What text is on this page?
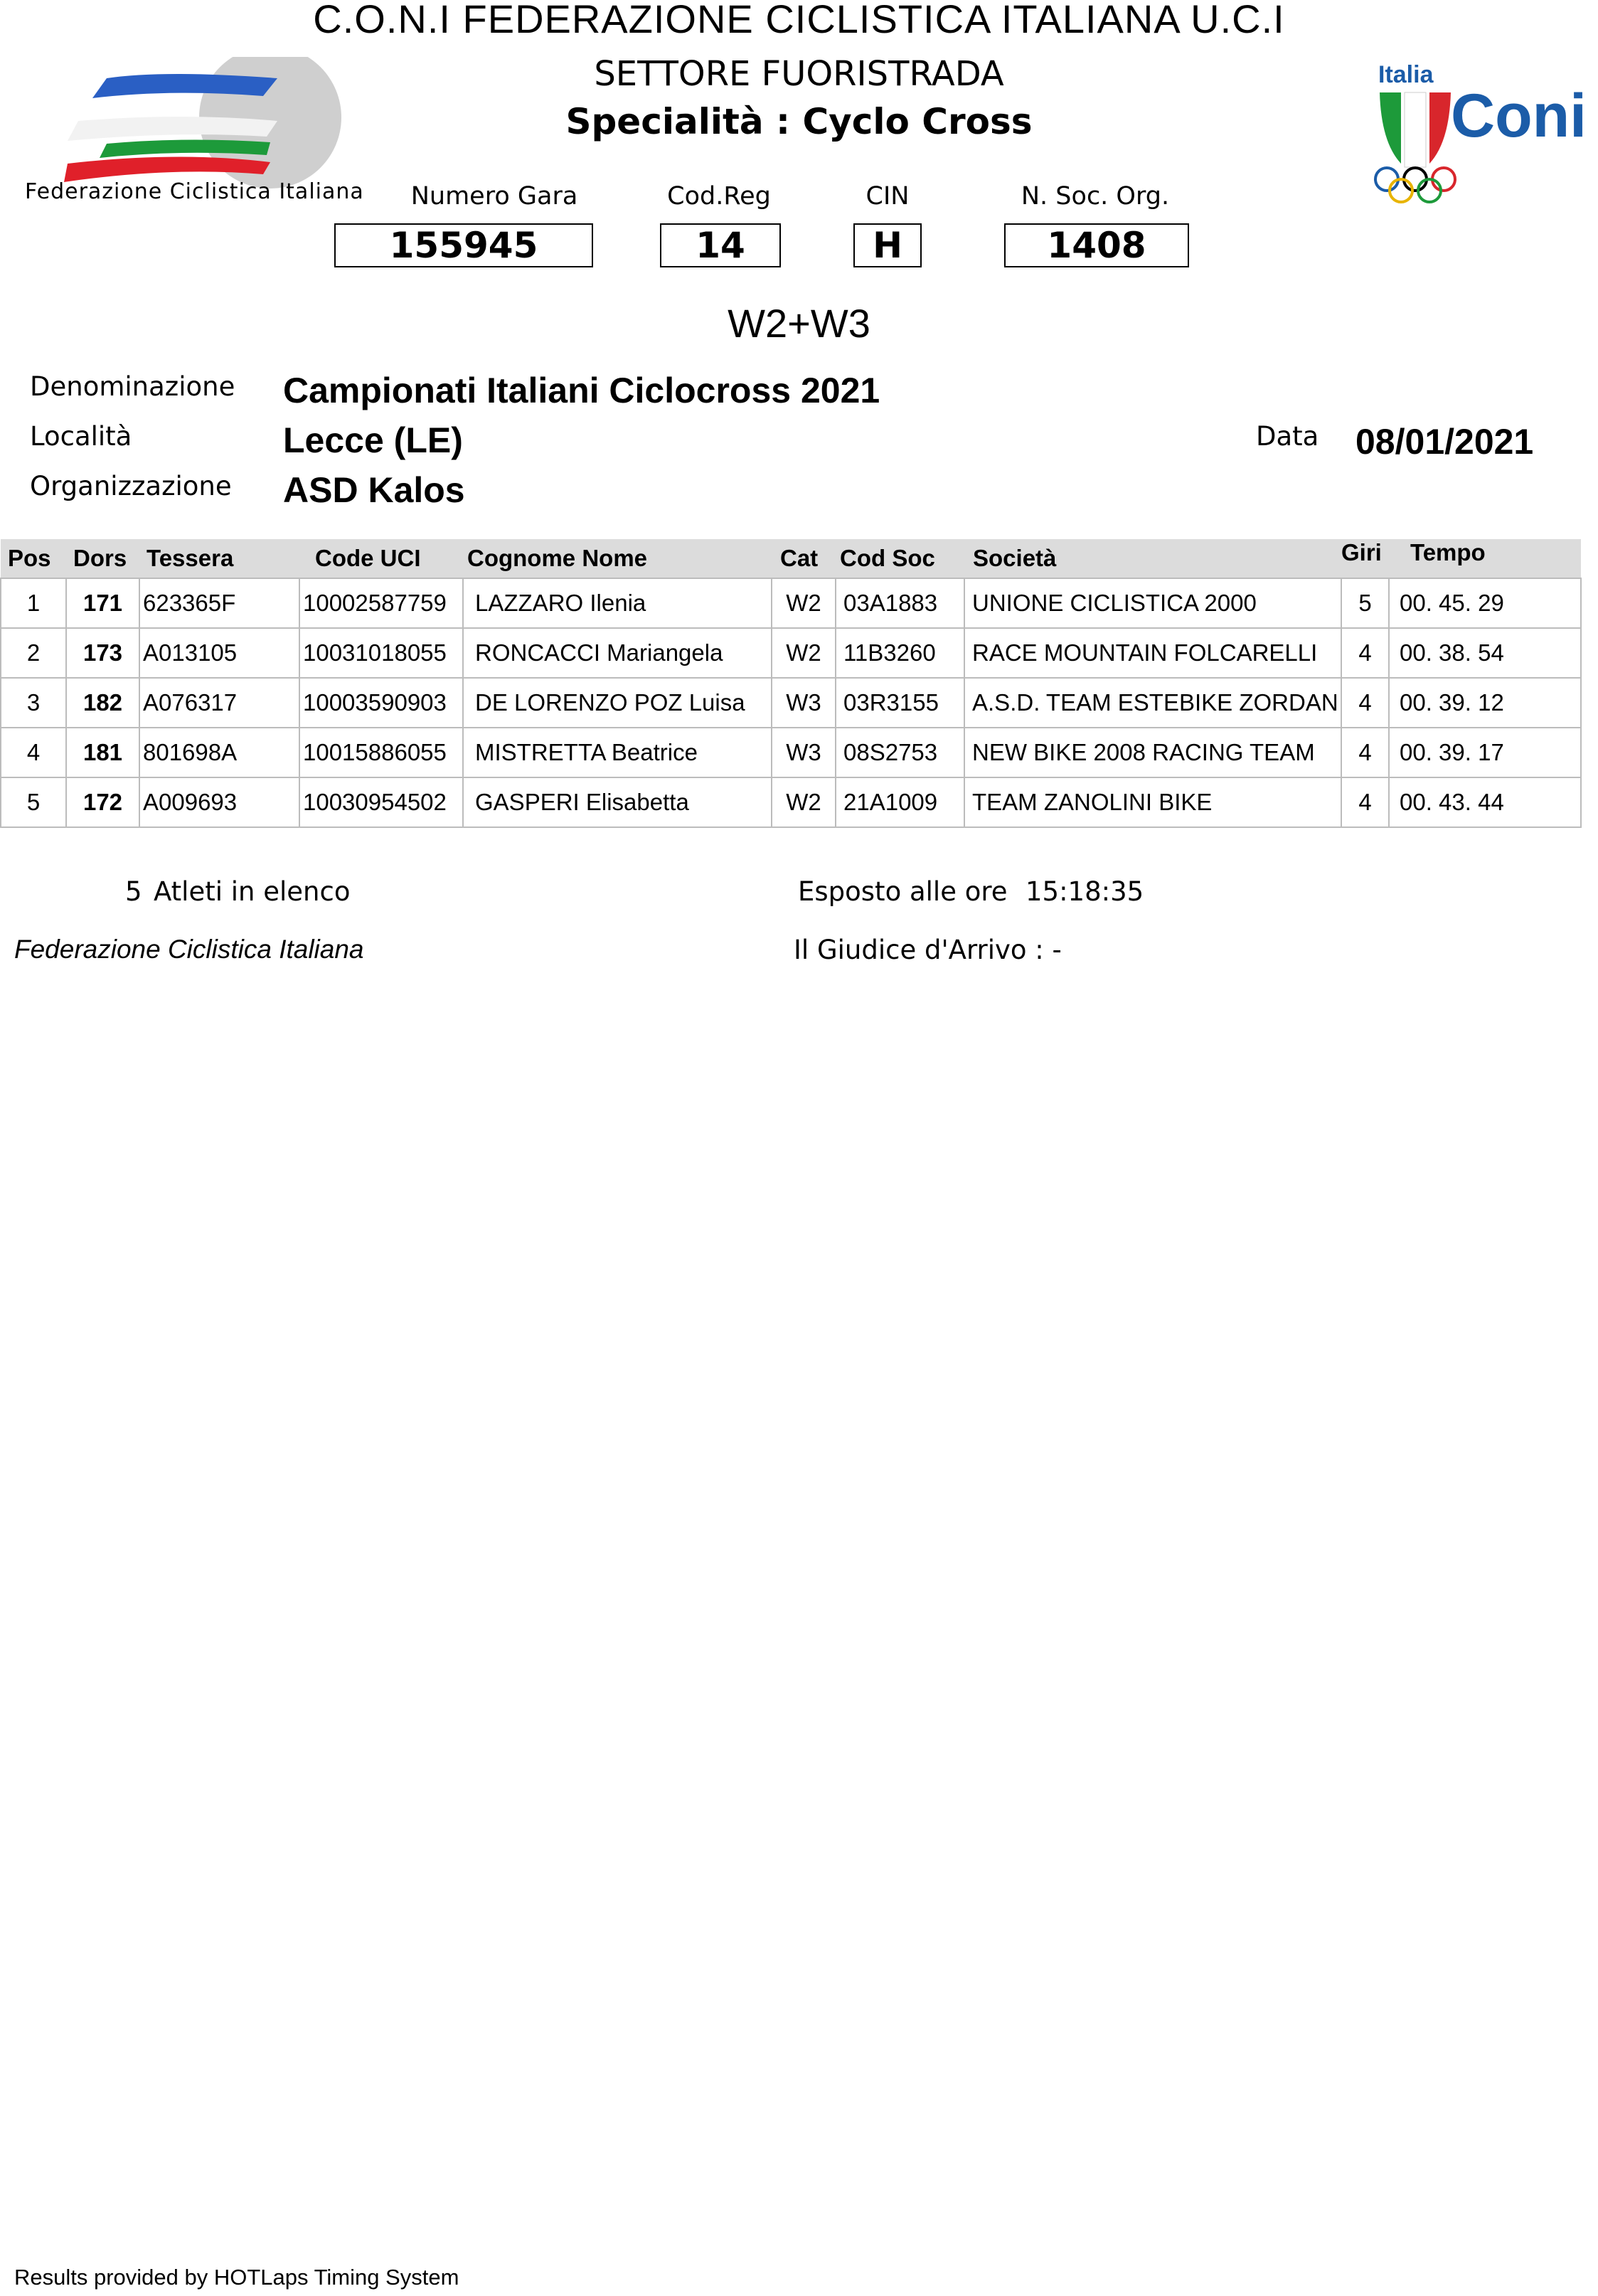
C.O.N.I FEDERAZIONE CICLISTICA ITALIANA U.C.I
SETTORE FUORISTRADA
Specialità : Cyclo Cross
Federazione Ciclistica Italiana
Italia
Coni
Numero Gara
155945
Cod.Reg
14
CIN
H
N. Soc. Org.
1408
W2+W3
Denominazione Campionati Italiani Ciclocross 2021
Località	Lecce (LE)
Organizzazione ASD Kalos
Data 08/01/2021
Pos	Dors	Tessera	Code UCI	Cognome Nome	Cat	Cod Soc	Società	Giri	Tempo
1	171	623365F	10002587759	LAZZARO Ilenia	W2	03A1883	UNIONE CICLISTICA 2000	5	00. 45. 29
2	173	A013105	10031018055	RONCACCI Mariangela	W2	11B3260	RACE MOUNTAIN FOLCARELLI	4	00. 38. 54
3	182	A076317	10003590903	DE LORENZO POZ Luisa	W3	03R3155	A.S.D. TEAM ESTEBIKE ZORDAN	4	00. 39. 12
4	181	801698A	10015886055	MISTRETTA Beatrice	W3	08S2753	NEW BIKE 2008 RACING TEAM	4	00. 39. 17
5	172	A009693	10030954502	GASPERI Elisabetta	W2	21A1009	TEAM ZANOLINI BIKE	4	00. 43. 44
5 Atleti in elenco	Esposto alle ore 15:18:35
Federazione Ciclistica Italiana	Il Giudice d'Arrivo : -
Results provided by HOTLaps Timing System
